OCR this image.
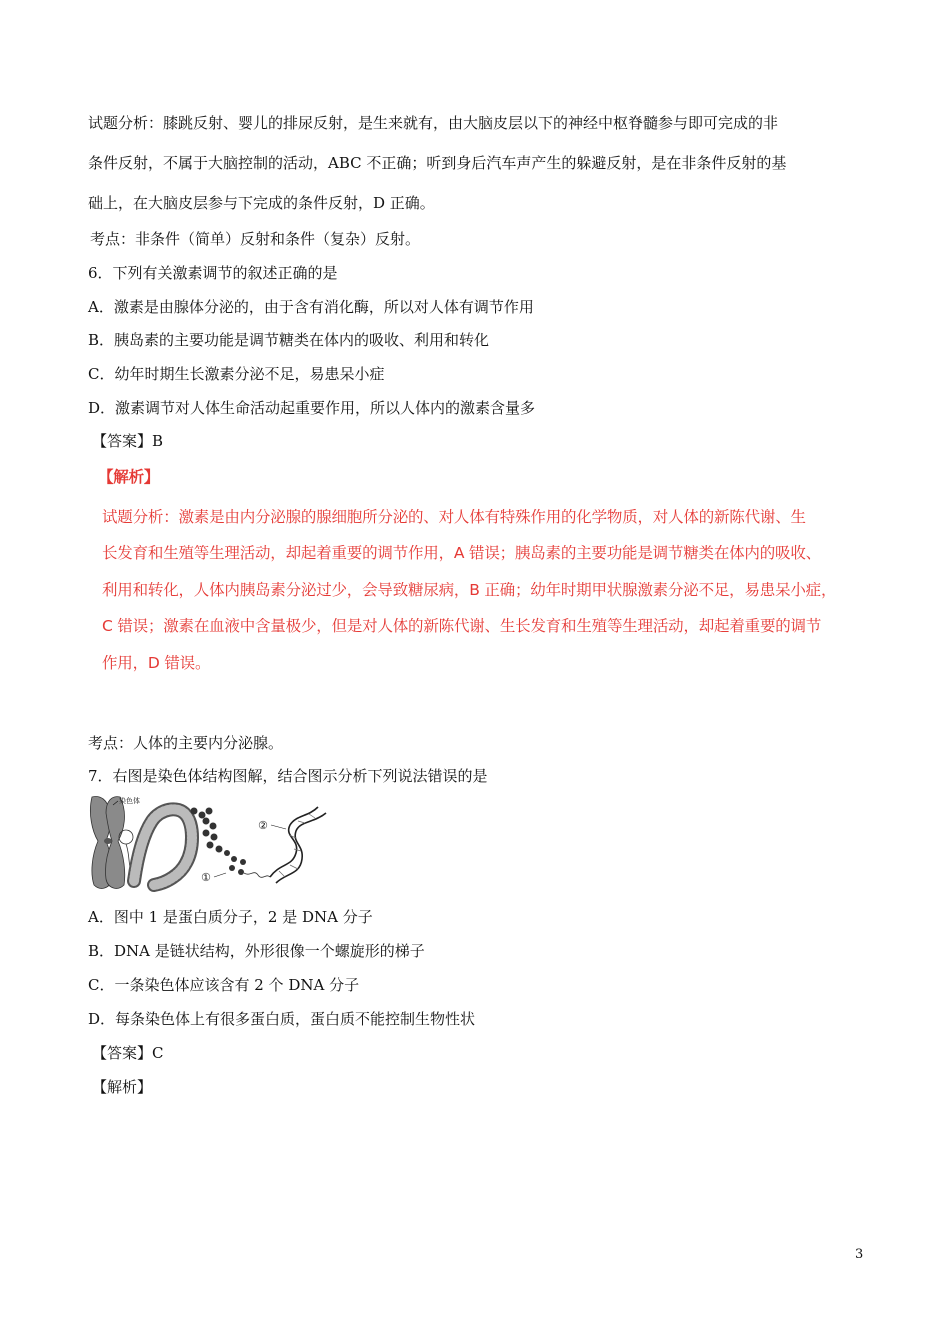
试题分析：膝跳反射、婴儿的排尿反射，是生来就有，由大脑皮层以下的神经中枢脊髓参与即可完成的非
条件反射，不属于大脑控制的活动，ABC 不正确；听到身后汽车声产生的躲避反射，是在非条件反射的基
础上，在大脑皮层参与下完成的条件反射，D 正确。
考点：非条件（简单）反射和条件（复杂）反射。
6．下列有关激素调节的叙述正确的是
A．激素是由腺体分泌的，由于含有消化酶，所以对人体有调节作用
B．胰岛素的主要功能是调节糖类在体内的吸收、利用和转化
C．幼年时期生长激素分泌不足，易患呆小症
D．激素调节对人体生命活动起重要作用，所以人体内的激素含量多
【答案】B
【解析】
试题分析：激素是由内分泌腺的腺细胞所分泌的、对人体有特殊作用的化学物质，对人体的新陈代谢、生
长发育和生殖等生理活动，却起着重要的调节作用，A 错误；胰岛素的主要功能是调节糖类在体内的吸收、
利用和转化，人体内胰岛素分泌过少，会导致糖尿病，B 正确；幼年时期甲状腺激素分泌不足，易患呆小症，
C 错误；激素在血液中含量极少，但是对人体的新陈代谢、生长发育和生殖等生理活动，却起着重要的调节
作用，D 错误。
考点：人体的主要内分泌腺。
7．右图是染色体结构图解，结合图示分析下列说法错误的是
染色体
①
②
A．图中 1 是蛋白质分子，2 是 DNA 分子
B．DNA 是链状结构，外形很像一个螺旋形的梯子
C．一条染色体应该含有 2 个 DNA 分子
D．每条染色体上有很多蛋白质，蛋白质不能控制生物性状
【答案】C
【解析】
3
